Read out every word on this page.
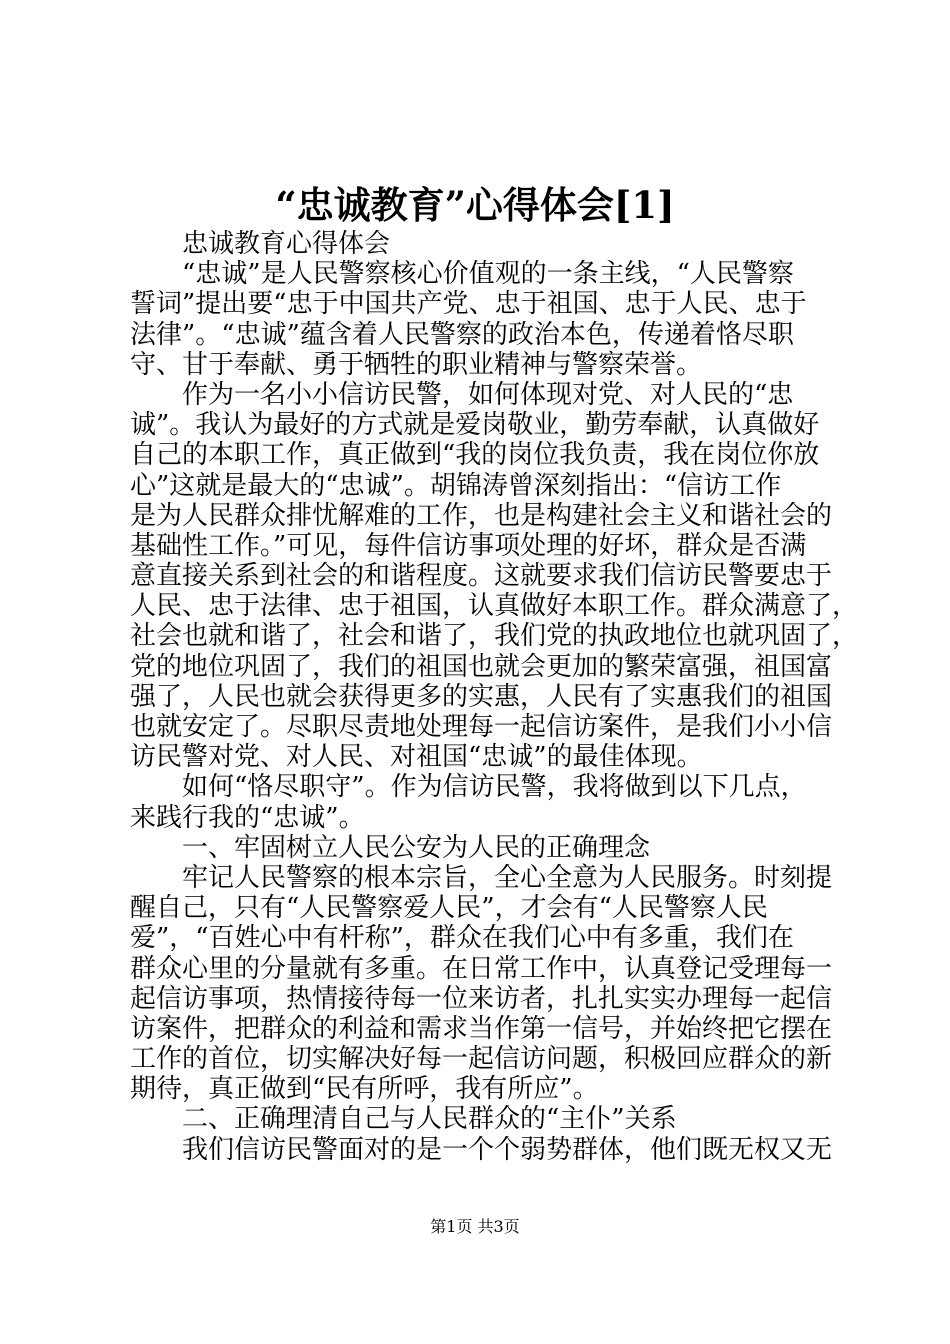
“忠诚教育”心得体会[1]
　　忠诚教育心得体会
　　“忠诚”是人民警察核心价值观的一条主线，“人民警察
誓词”提出要“忠于中国共产党、忠于祖国、忠于人民、忠于
法律”。“忠诚”蕴含着人民警察的政治本色，传递着恪尽职
守、甘于奉献、勇于牺牲的职业精神与警察荣誉。
　　作为一名小小信访民警，如何体现对党、对人民的“忠
诚”。我认为最好的方式就是爱岗敬业，勤劳奉献，认真做好
自己的本职工作，真正做到“我的岗位我负责，我在岗位你放
心”这就是最大的“忠诚”。胡锦涛曾深刻指出：“信访工作
是为人民群众排忧解难的工作，也是构建社会主义和谐社会的
基础性工作。”可见，每件信访事项处理的好坏，群众是否满
意直接关系到社会的和谐程度。这就要求我们信访民警要忠于
人民、忠于法律、忠于祖国，认真做好本职工作。群众满意了，
社会也就和谐了，社会和谐了，我们党的执政地位也就巩固了，
党的地位巩固了，我们的祖国也就会更加的繁荣富强，祖国富
强了，人民也就会获得更多的实惠，人民有了实惠我们的祖国
也就安定了。尽职尽责地处理每一起信访案件，是我们小小信
访民警对党、对人民、对祖国“忠诚”的最佳体现。
　　如何“恪尽职守”。作为信访民警，我将做到以下几点，
来践行我的“忠诚”。
　　一、牢固树立人民公安为人民的正确理念
　　牢记人民警察的根本宗旨，全心全意为人民服务。时刻提
醒自己，只有“人民警察爱人民”，才会有“人民警察人民
爱”，“百姓心中有杆称”，群众在我们心中有多重，我们在
群众心里的分量就有多重。在日常工作中，认真登记受理每一
起信访事项，热情接待每一位来访者，扎扎实实办理每一起信
访案件，把群众的利益和需求当作第一信号，并始终把它摆在
工作的首位，切实解决好每一起信访问题，积极回应群众的新
期待，真正做到“民有所呼，我有所应”。
　　二、正确理清自己与人民群众的“主仆”关系
　　我们信访民警面对的是一个个弱势群体，他们既无权又无
第1页 共3页
